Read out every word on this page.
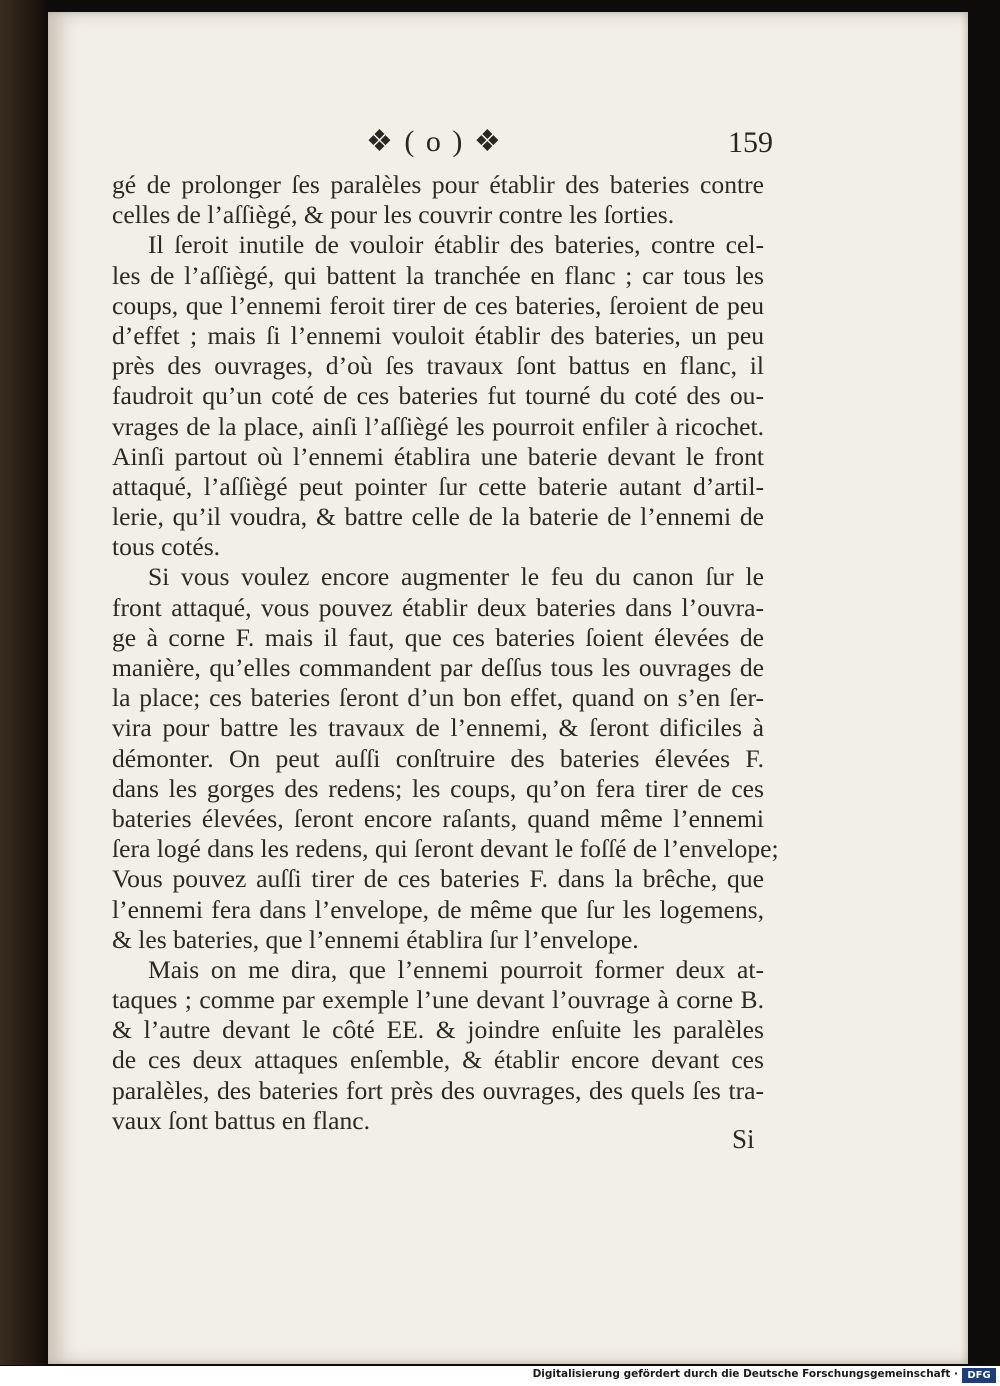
❖ ( o ) ❖	159
gé de prolonger ſes paralèles pour établir des bateries contre
celles de l’aſſiègé, & pour les couvrir contre les ſorties.
Il ſeroit inutile de vouloir établir des bateries, contre cel-
les de l’aſſiègé, qui battent la tranchée en flanc ; car tous les
coups, que l’ennemi feroit tirer de ces bateries, ſeroient de peu
d’effet ; mais ſi l’ennemi vouloit établir des bateries, un peu
près des ouvrages, d’où ſes travaux ſont battus en flanc, il
faudroit qu’un coté de ces bateries fut tourné du coté des ou-
vrages de la place, ainſi l’aſſiègé les pourroit enfiler à ricochet.
Ainſi partout où l’ennemi établira une baterie devant le front
attaqué, l’aſſiègé peut pointer ſur cette baterie autant d’artil-
lerie, qu’il voudra, & battre celle de la baterie de l’ennemi de
tous cotés.
Si vous voulez encore augmenter le feu du canon ſur le
front attaqué, vous pouvez établir deux bateries dans l’ouvra-
ge à corne F. mais il faut, que ces bateries ſoient élevées de
manière, qu’elles commandent par deſſus tous les ouvrages de
la place; ces bateries ſeront d’un bon effet, quand on s’en ſer-
vira pour battre les travaux de l’ennemi, & ſeront dificiles à
démonter. On peut auſſi conſtruire des bateries élevées F.
dans les gorges des redens; les coups, qu’on fera tirer de ces
bateries élevées, ſeront encore raſants, quand même l’ennemi
ſera logé dans les redens, qui ſeront devant le foſſé de l’envelope;
Vous pouvez auſſi tirer de ces bateries F. dans la brêche, que
l’ennemi fera dans l’envelope, de même que ſur les logemens,
& les bateries, que l’ennemi établira ſur l’envelope.
Mais on me dira, que l’ennemi pourroit former deux at-
taques ; comme par exemple l’une devant l’ouvrage à corne B.
& l’autre devant le côté EE. & joindre enſuite les paralèles
de ces deux attaques enſemble, & établir encore devant ces
paralèles, des bateries fort près des ouvrages, des quels ſes tra-
vaux ſont battus en flanc.
Si
Digitalisierung gefördert durch die Deutsche Forschungsgemeinschaft · DFG
